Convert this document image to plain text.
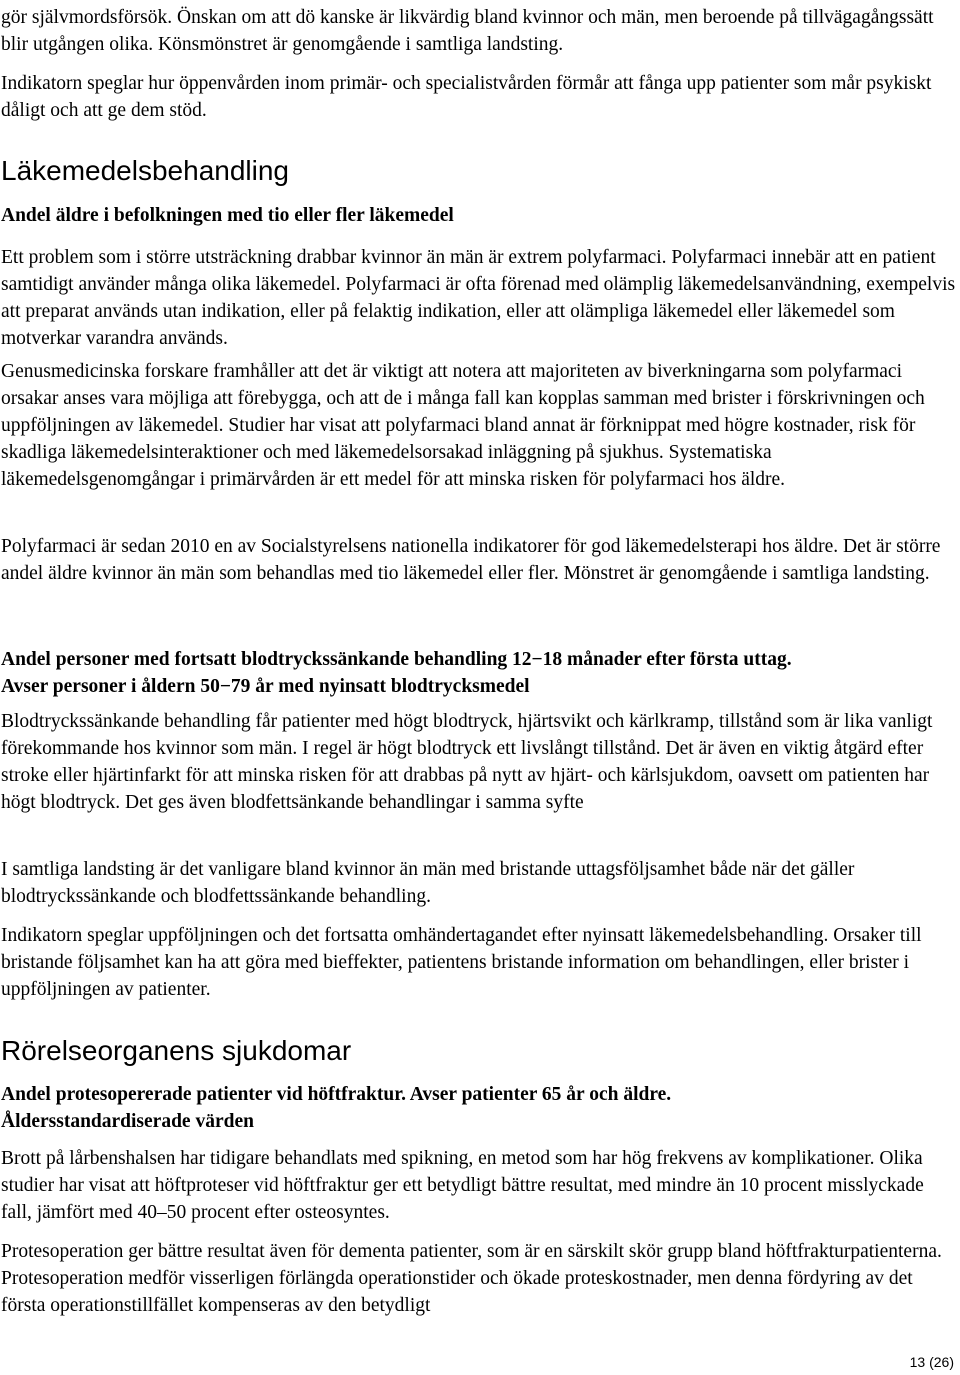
gör självmordsförsök. Önskan om att dö kanske är likvärdig bland kvinnor och män, men beroende på tillvägagångssätt blir utgången olika. Könsmönstret är genomgående i samtliga landsting.

Indikatorn speglar hur öppenvården inom primär- och specialistvården förmår att fånga upp patienter som mår psykiskt dåligt och att ge dem stöd.

Läkemedelsbehandling

Andel äldre i befolkningen med tio eller fler läkemedel

Ett problem som i större utsträckning drabbar kvinnor än män är extrem polyfarmaci. Polyfarmaci innebär att en patient samtidigt använder många olika läkemedel. Polyfarmaci är ofta förenad med olämplig läkemedelsanvändning, exempelvis att preparat används utan indikation, eller på felaktig indikation, eller att olämpliga läkemedel eller läkemedel som motverkar varandra används.

Genusmedicinska forskare framhåller att det är viktigt att notera att majoriteten av biverkningarna som polyfarmaci orsakar anses vara möjliga att förebygga, och att de i många fall kan kopplas samman med brister i förskrivningen och uppföljningen av läkemedel. Studier har visat att polyfarmaci bland annat är förknippat med högre kostnader, risk för skadliga läkemedelsinteraktioner och med läkemedelsorsakad inläggning på sjukhus. Systematiska läkemedelsgenomgångar i primärvården är ett medel för att minska risken för polyfarmaci hos äldre.

Polyfarmaci är sedan 2010 en av Socialstyrelsens nationella indikatorer för god läkemedelsterapi hos äldre. Det är större andel äldre kvinnor än män som behandlas med tio läkemedel eller fler. Mönstret är genomgående i samtliga landsting.

Andel personer med fortsatt blodtryckssänkande behandling 12−18 månader efter första uttag.

Avser personer i åldern 50−79 år med nyinsatt blodtrycksmedel

Blodtryckssänkande behandling får patienter med högt blodtryck, hjärtsvikt och kärlkramp, tillstånd som är lika vanligt förekommande hos kvinnor som män. I regel är högt blodtryck ett livslångt tillstånd. Det är även en viktig åtgärd efter stroke eller hjärtinfarkt för att minska risken för att drabbas på nytt av hjärt- och kärlsjukdom, oavsett om patienten har högt blodtryck. Det ges även blodfettsänkande behandlingar i samma syfte

I samtliga landsting är det vanligare bland kvinnor än män med bristande uttagsföljsamhet både när det gäller blodtryckssänkande och blodfettssänkande behandling.

Indikatorn speglar uppföljningen och det fortsatta omhändertagandet efter nyinsatt läkemedelsbehandling. Orsaker till bristande följsamhet kan ha att göra med bieffekter, patientens bristande information om behandlingen, eller brister i uppföljningen av patienter.

Rörelseorganens sjukdomar

Andel protesopererade patienter vid höftfraktur. Avser patienter 65 år och äldre.

Åldersstandardiserade värden

Brott på lårbenshalsen har tidigare behandlats med spikning, en metod som har hög frekvens av komplikationer. Olika studier har visat att höftproteser vid höftfraktur ger ett betydligt bättre resultat, med mindre än 10 procent misslyckade fall, jämfört med 40–50 procent efter osteosyntes.

Protesoperation ger bättre resultat även för dementa patienter, som är en särskilt skör grupp bland höftfrakturpatienterna. Protesoperation medför visserligen förlängda operationstider och ökade proteskostnader, men denna fördyring av det första operationstillfället kompenseras av den betydligt

13 (26)
